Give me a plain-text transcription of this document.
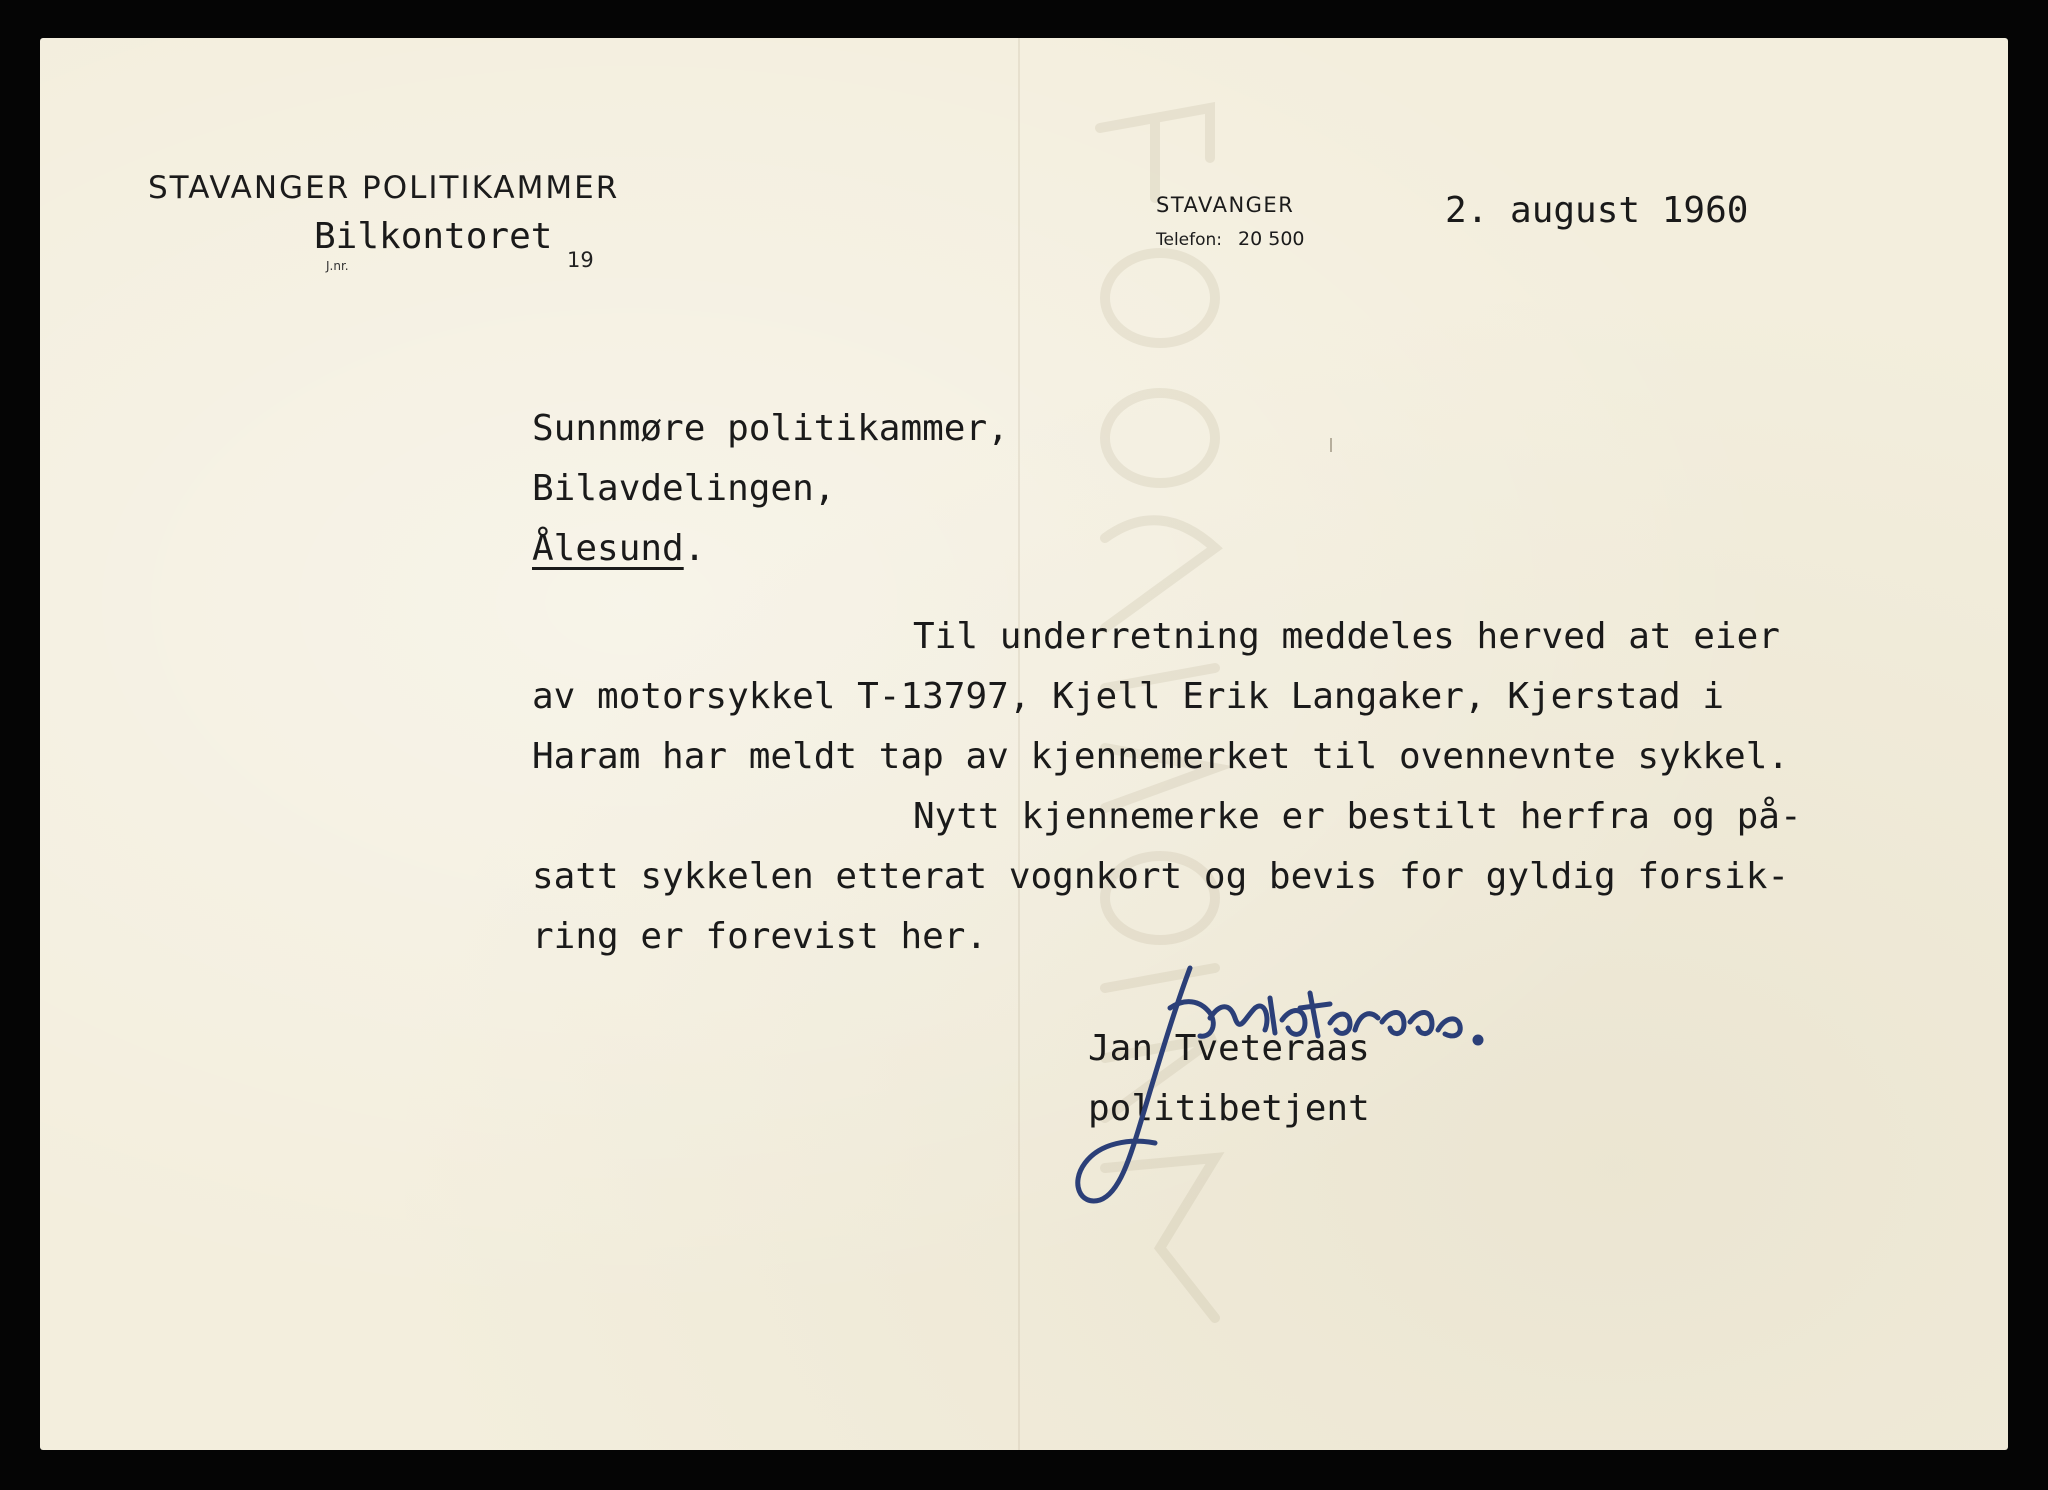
STAVANGER POLITIKAMMER	STAVANGER
Telefon: 20 500
Bilkontoret
J.nr.	19
2. august 1960
Sunnmøre politikammer,
Bilavdelingen,
Ålesund.
Til underretning meddeles herved at eier
av motorsykkel T-13797, Kjell Erik Langaker, Kjerstad i
Haram har meldt tap av kjennemerket til ovennevnte sykkel.
Nytt kjennemerke er bestilt herfra og på-
satt sykkelen etterat vognkort og bevis for gyldig forsik-
ring er forevist her.
Jan Tveteraas
politibetjent
